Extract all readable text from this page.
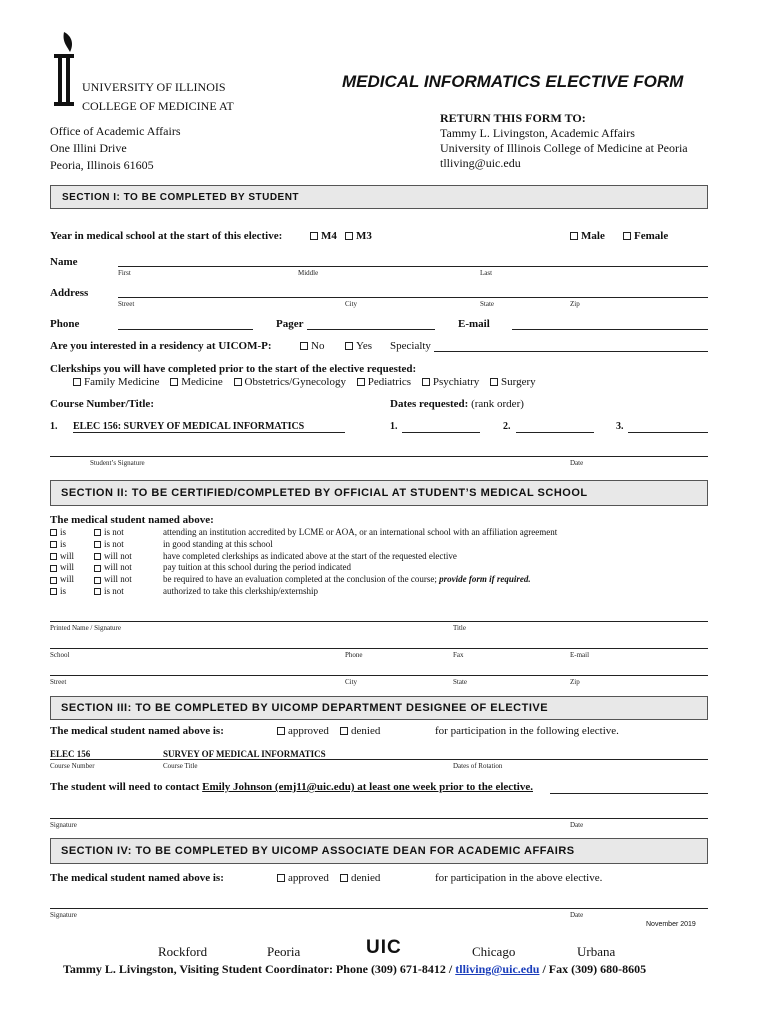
UNIVERSITY OF ILLINOIS
COLLEGE OF MEDICINE AT
MEDICAL INFORMATICS ELECTIVE FORM
Office of Academic Affairs
One Illini Drive
Peoria, Illinois 61605
RETURN THIS FORM TO:
Tammy L. Livingston, Academic Affairs
University of Illinois College of Medicine at Peoria
tlliving@uic.edu
SECTION I: TO BE COMPLETED BY STUDENT
Year in medical school at the start of this elective:	M4	M3	Male	Female
Name
First	Middle	Last
Address
Street	City	State	Zip
Phone	Pager	E-mail
Are you interested in a residency at UICOM-P:	No	Yes Specialty
Clerkships you will have completed prior to the start of the elective requested:
Family Medicine Medicine Obstetrics/Gynecology Pediatrics Psychiatry Surgery
Course Number/Title:	Dates requested: (rank order)
1. ELEC 156: SURVEY OF MEDICAL INFORMATICS	1.	2.	3.
Student’s Signature	Date
SECTION II: TO BE CERTIFIED/COMPLETED BY OFFICIAL AT STUDENT’S MEDICAL SCHOOL
The medical student named above:
is	is not	attending an institution accredited by LCME or AOA, or an international school with an affiliation agreement
is	is not	in good standing at this school
will	will not	have completed clerkships as indicated above at the start of the requested elective
will	will not	pay tuition at this school during the period indicated
will	will not	be required to have an evaluation completed at the conclusion of the course; provide form if required.
is	is not	authorized to take this clerkship/externship
Printed Name / Signature	Title
School	Phone	Fax	E-mail
Street	City	State	Zip
SECTION III: TO BE COMPLETED BY UICOMP DEPARTMENT DESIGNEE OF ELECTIVE
The medical student named above is:	approved	denied	for participation in the following elective.
ELEC 156	SURVEY OF MEDICAL INFORMATICS
Course Number	Course Title	Dates of Rotation
The student will need to contact Emily Johnson (emj11@uic.edu) at least one week prior to the elective.
Signature	Date
SECTION IV: TO BE COMPLETED BY UICOMP ASSOCIATE DEAN FOR ACADEMIC AFFAIRS
The medical student named above is:	approved	denied	for participation in the above elective.
Signature	Date
November 2019
Rockford	Peoria	UIC	Chicago	Urbana
Tammy L. Livingston, Visiting Student Coordinator: Phone (309) 671-8412 / tlliving@uic.edu / Fax (309) 680-8605
